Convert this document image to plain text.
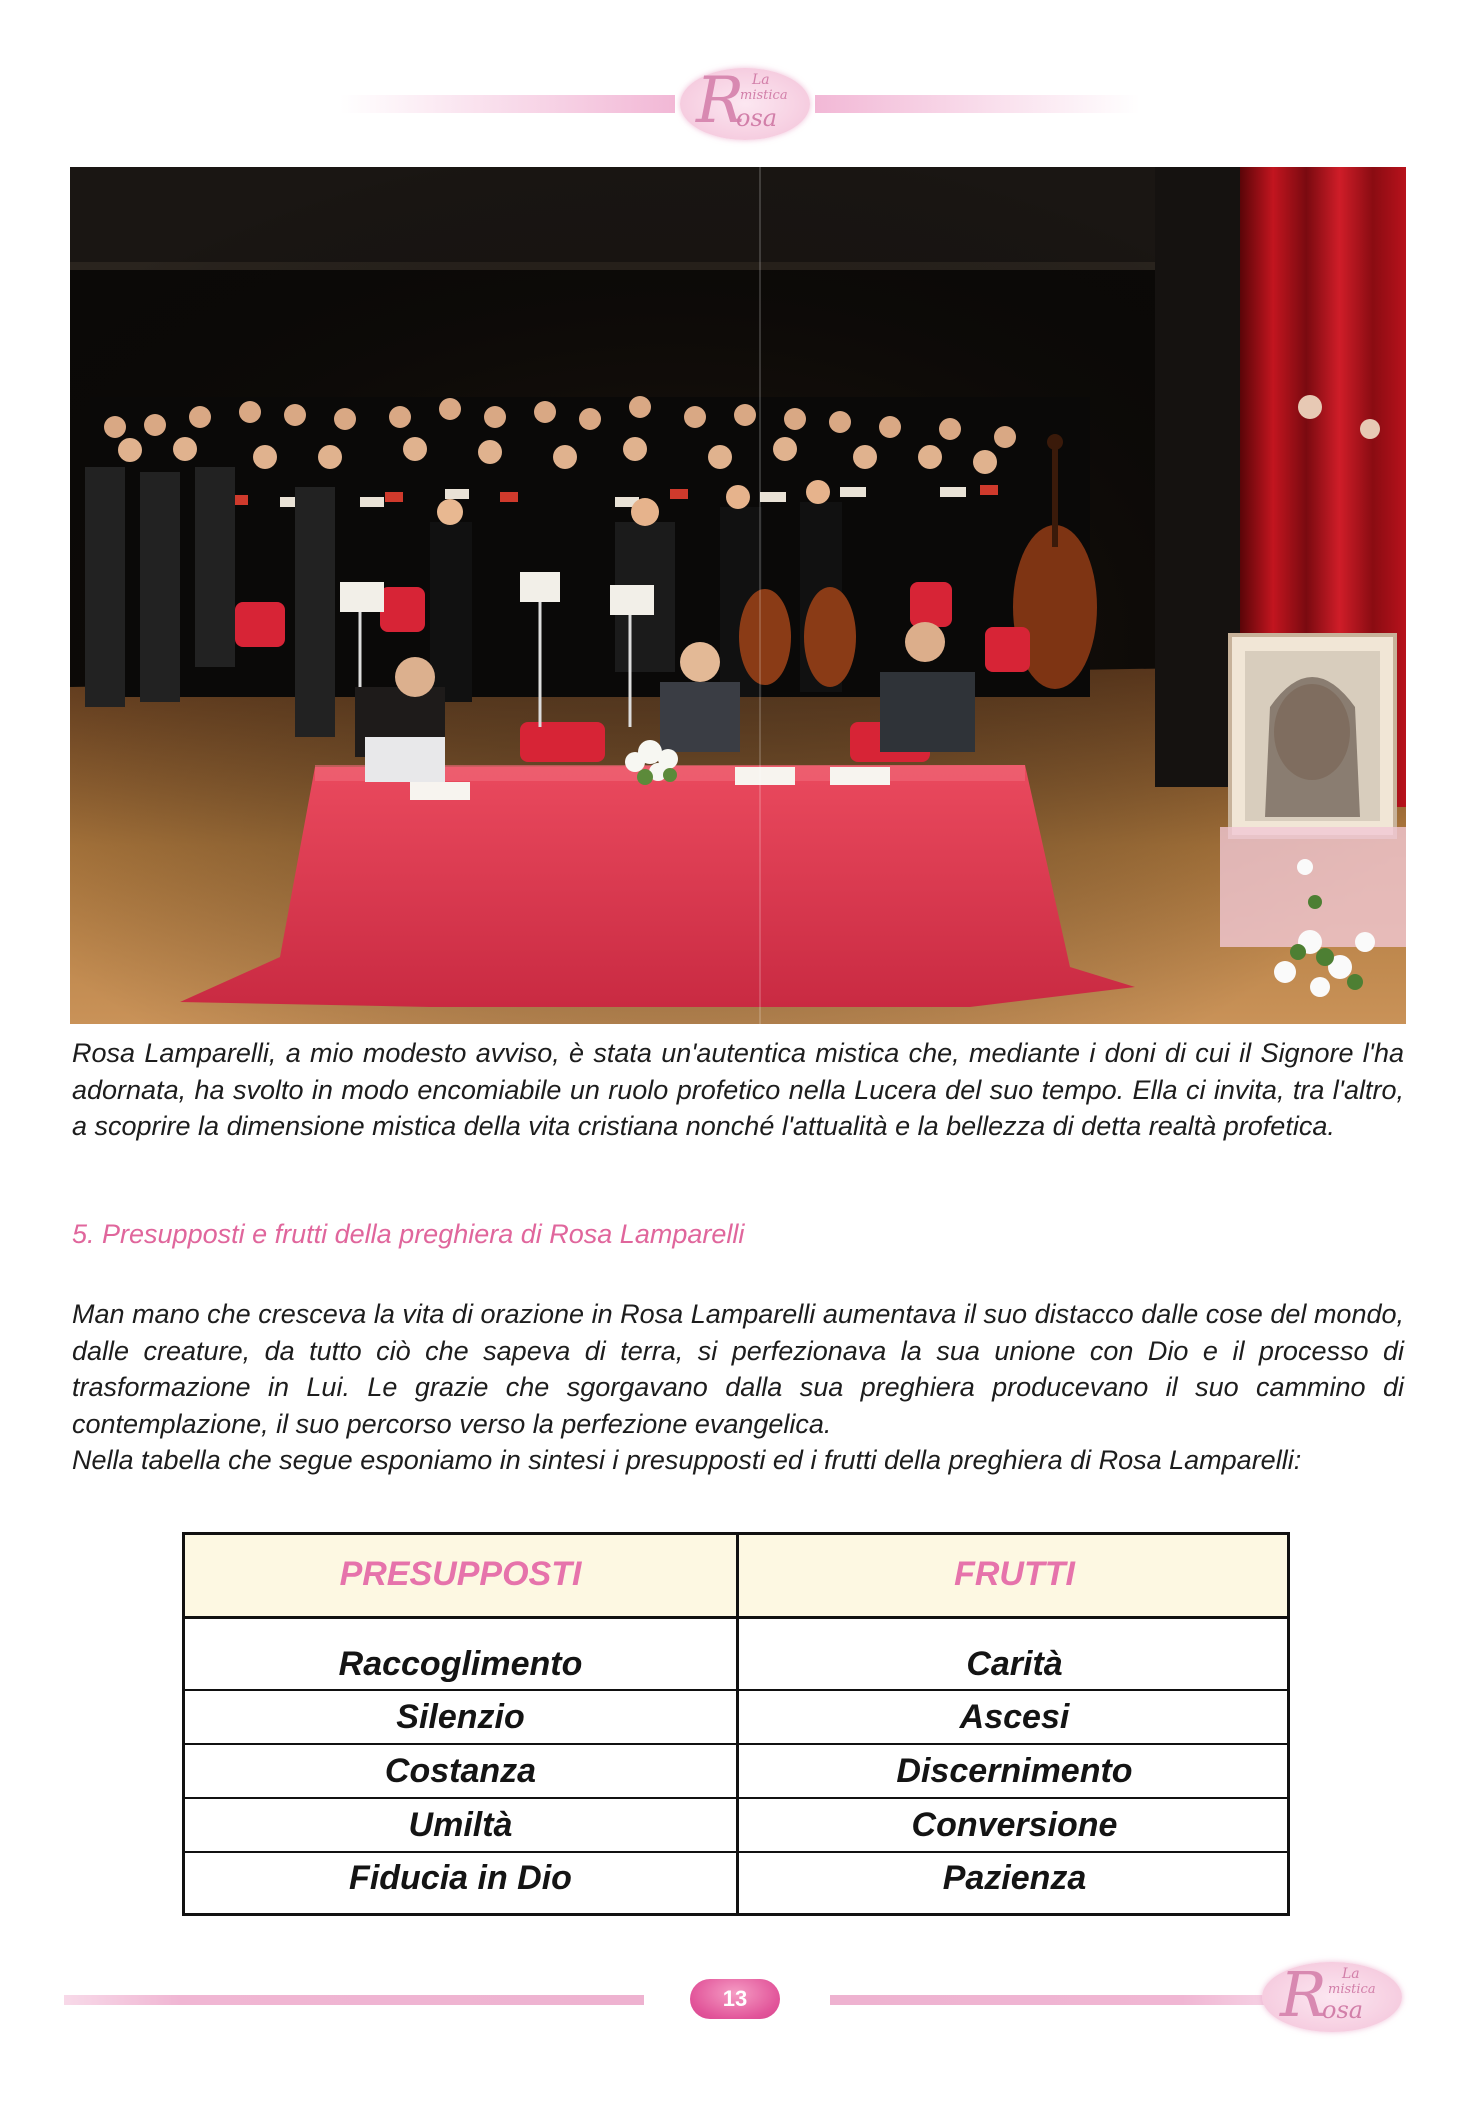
R La
mistica
osa
Rosa Lamparelli, a mio modesto avviso, è stata un'autentica mistica che, mediante i doni di cui il Signore l'ha adornata, ha svolto in modo encomiabile un ruolo profetico nella Lucera del suo tempo. Ella ci invita, tra l'altro, a scoprire la dimensione mistica della vita cristiana nonché l'attualità e la bellezza di detta realtà profetica.
5. Presupposti e frutti della preghiera di Rosa Lamparelli
Man mano che cresceva la vita di orazione in Rosa Lamparelli aumentava il suo distacco dalle cose del mondo, dalle creature, da tutto ciò che sapeva di terra, si perfezionava la sua unione con Dio e il processo di trasformazione in Lui. Le grazie che sgorgavano dalla sua preghiera producevano il suo cammino di contemplazione, il suo percorso verso la perfezione evangelica.
Nella tabella che segue esponiamo in sintesi i presupposti ed i frutti della preghiera di Rosa Lamparelli:
PRESUPPOSTI	FRUTTI
Raccoglimento	Carità
Silenzio	Ascesi
Costanza	Discernimento
Umiltà	Conversione
Fiducia in Dio	Pazienza
13	R La
mistica
osa
